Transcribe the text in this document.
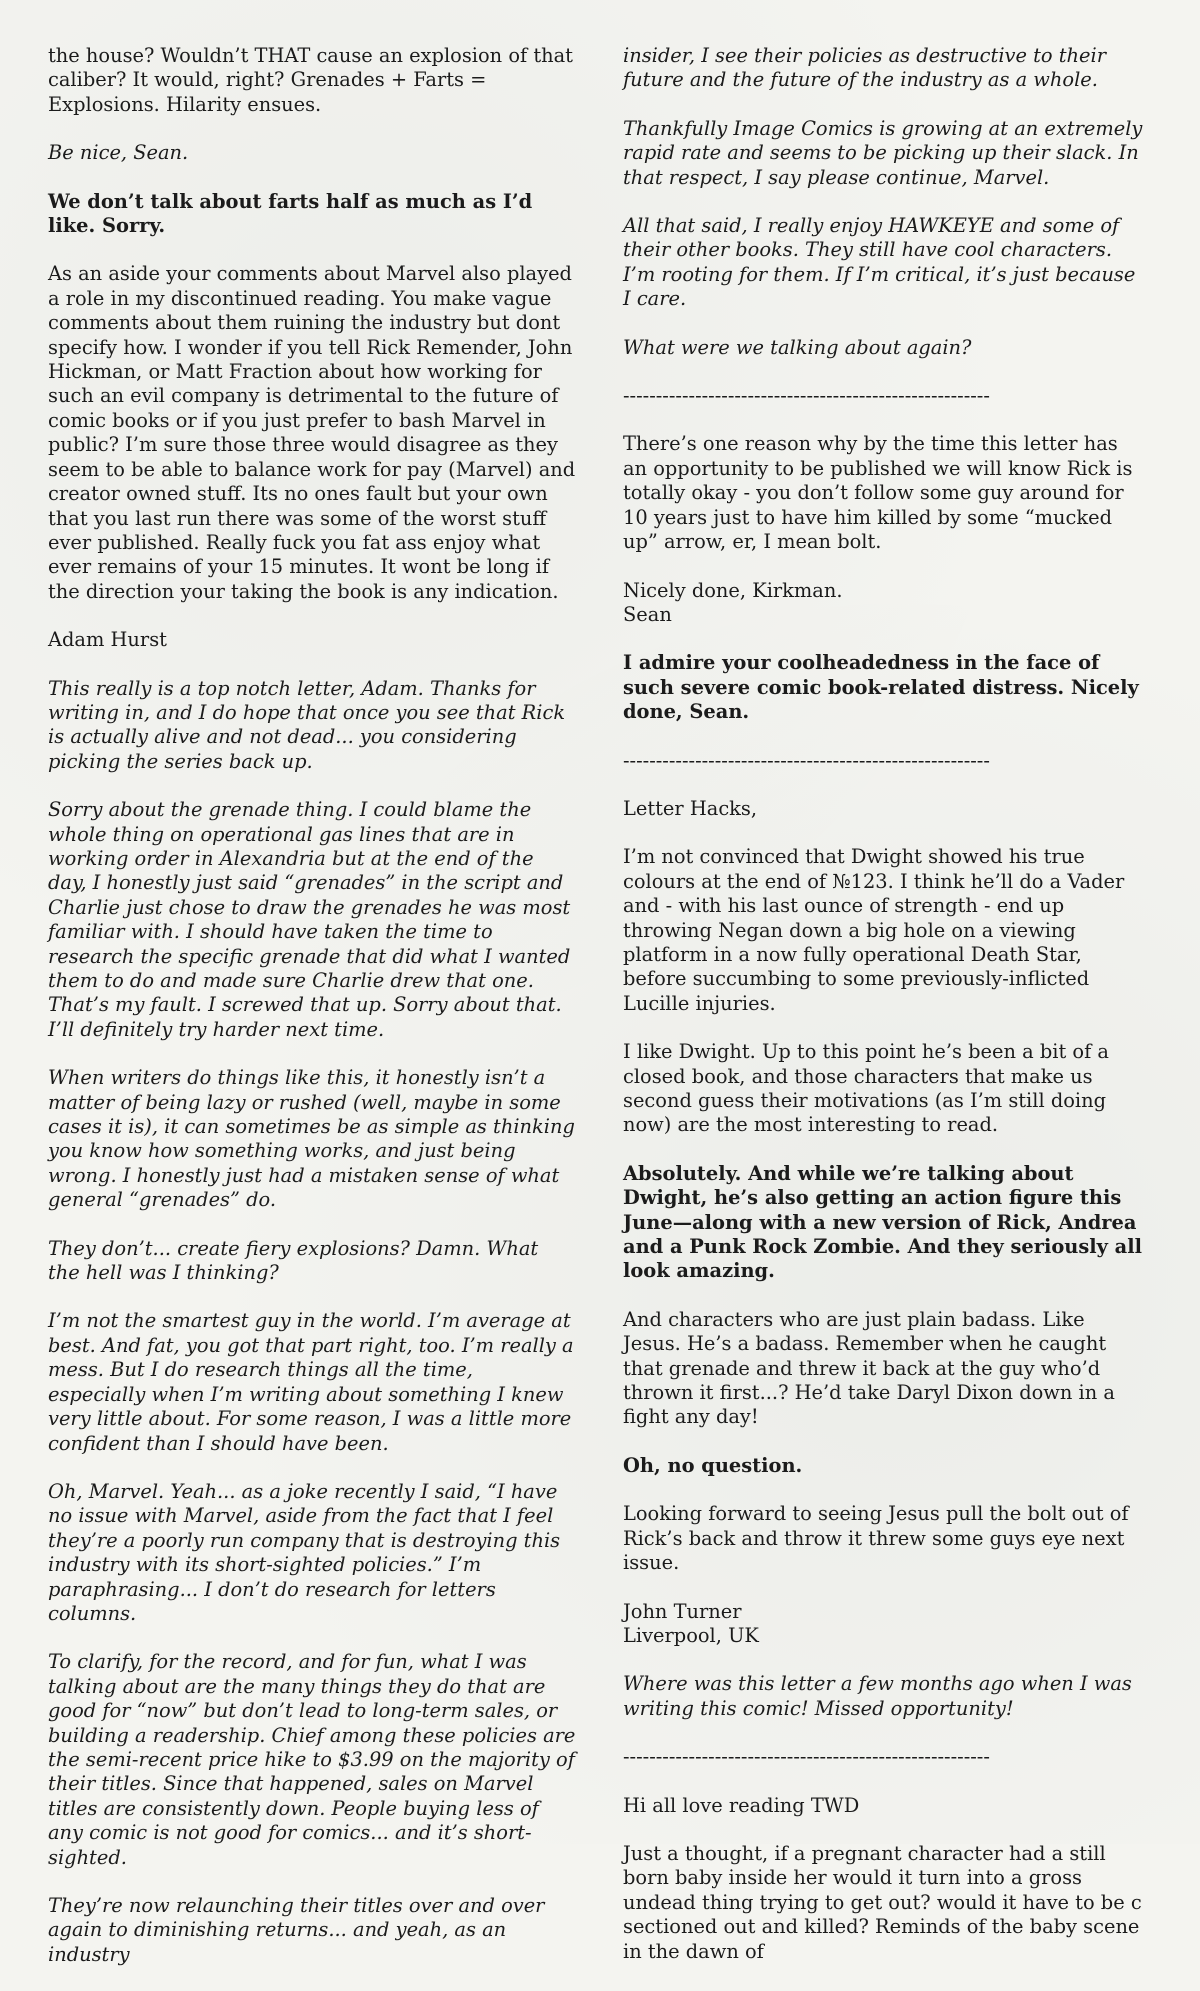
the house? Wouldn’t THAT cause an explosion of that caliber? It would, right? Grenades + Farts = Explosions. Hilarity ensues.

Be nice, Sean.

We don’t talk about farts half as much as I’d like. Sorry.

As an aside your comments about Marvel also played a role in my discontinued reading. You make vague comments about them ruining the industry but dont specify how. I wonder if you tell Rick Remender, John Hickman, or Matt Fraction about how working for such an evil company is detrimental to the future of comic books or if you just prefer to bash Marvel in public? I’m sure those three would disagree as they seem to be able to balance work for pay (Marvel) and creator owned stuff. Its no ones fault but your own that you last run there was some of the worst stuff ever published. Really fuck you fat ass enjoy what ever remains of your 15 minutes. It wont be long if the direction your taking the book is any indication.

Adam Hurst

This really is a top notch letter, Adam. Thanks for writing in, and I do hope that once you see that Rick is actually alive and not dead... you considering picking the series back up.

Sorry about the grenade thing. I could blame the whole thing on operational gas lines that are in working order in Alexandria but at the end of the day, I honestly just said “grenades” in the script and Charlie just chose to draw the grenades he was most familiar with. I should have taken the time to research the specific grenade that did what I wanted them to do and made sure Charlie drew that one. That’s my fault. I screwed that up. Sorry about that. I’ll definitely try harder next time.

When writers do things like this, it honestly isn’t a matter of being lazy or rushed (well, maybe in some cases it is), it can sometimes be as simple as thinking you know how something works, and just being wrong. I honestly just had a mistaken sense of what general “grenades” do.

They don’t... create fiery explosions? Damn. What the hell was I thinking?

I’m not the smartest guy in the world. I’m average at best. And fat, you got that part right, too. I’m really a mess. But I do research things all the time, especially when I’m writing about something I knew very little about. For some reason, I was a little more confident than I should have been.

Oh, Marvel. Yeah... as a joke recently I said, “I have no issue with Marvel, aside from the fact that I feel they’re a poorly run company that is destroying this industry with its short-sighted policies.” I’m paraphrasing... I don’t do research for letters columns.

To clarify, for the record, and for fun, what I was talking about are the many things they do that are good for “now” but don’t lead to long-term sales, or building a readership. Chief among these policies are the semi-recent price hike to $3.99 on the majority of their titles. Since that happened, sales on Marvel titles are consistently down. People buying less of any comic is not good for comics... and it’s short- sighted.

They’re now relaunching their titles over and over again to diminishing returns... and yeah, as an industry

insider, I see their policies as destructive to their future and the future of the industry as a whole.

Thankfully Image Comics is growing at an extremely rapid rate and seems to be picking up their slack. In that respect, I say please continue, Marvel.

All that said, I really enjoy HAWKEYE and some of their other books. They still have cool characters. I’m rooting for them. If I’m critical, it’s just because I care.

What were we talking about again?

--------------------------------------------------------

There’s one reason why by the time this letter has an opportunity to be published we will know Rick is totally okay - you don’t follow some guy around for 10 years just to have him killed by some “mucked up” arrow, er, I mean bolt.

Nicely done, Kirkman.
Sean

I admire your coolheadedness in the face of such severe comic book-related distress. Nicely done, Sean.

--------------------------------------------------------

Letter Hacks,

I’m not convinced that Dwight showed his true colours at the end of №123. I think he’ll do a Vader and - with his last ounce of strength - end up throwing Negan down a big hole on a viewing platform in a now fully operational Death Star, before succumbing to some previously-inflicted Lucille injuries.

I like Dwight. Up to this point he’s been a bit of a closed book, and those characters that make us second guess their motivations (as I’m still doing now) are the most interesting to read.

Absolutely. And while we’re talking about Dwight, he’s also getting an action figure this June—along with a new version of Rick, Andrea and a Punk Rock Zombie. And they seriously all look amazing.

And characters who are just plain badass. Like Jesus. He’s a badass. Remember when he caught that grenade and threw it back at the guy who’d thrown it first...? He’d take Daryl Dixon down in a fight any day!

Oh, no question.

Looking forward to seeing Jesus pull the bolt out of Rick’s back and throw it threw some guys eye next issue.

John Turner
Liverpool, UK

Where was this letter a few months ago when I was writing this comic! Missed opportunity!

--------------------------------------------------------

Hi all love reading TWD

Just a thought, if a pregnant character had a still born baby inside her would it turn into a gross undead thing trying to get out? would it have to be c sectioned out and killed? Reminds of the baby scene in the dawn of
